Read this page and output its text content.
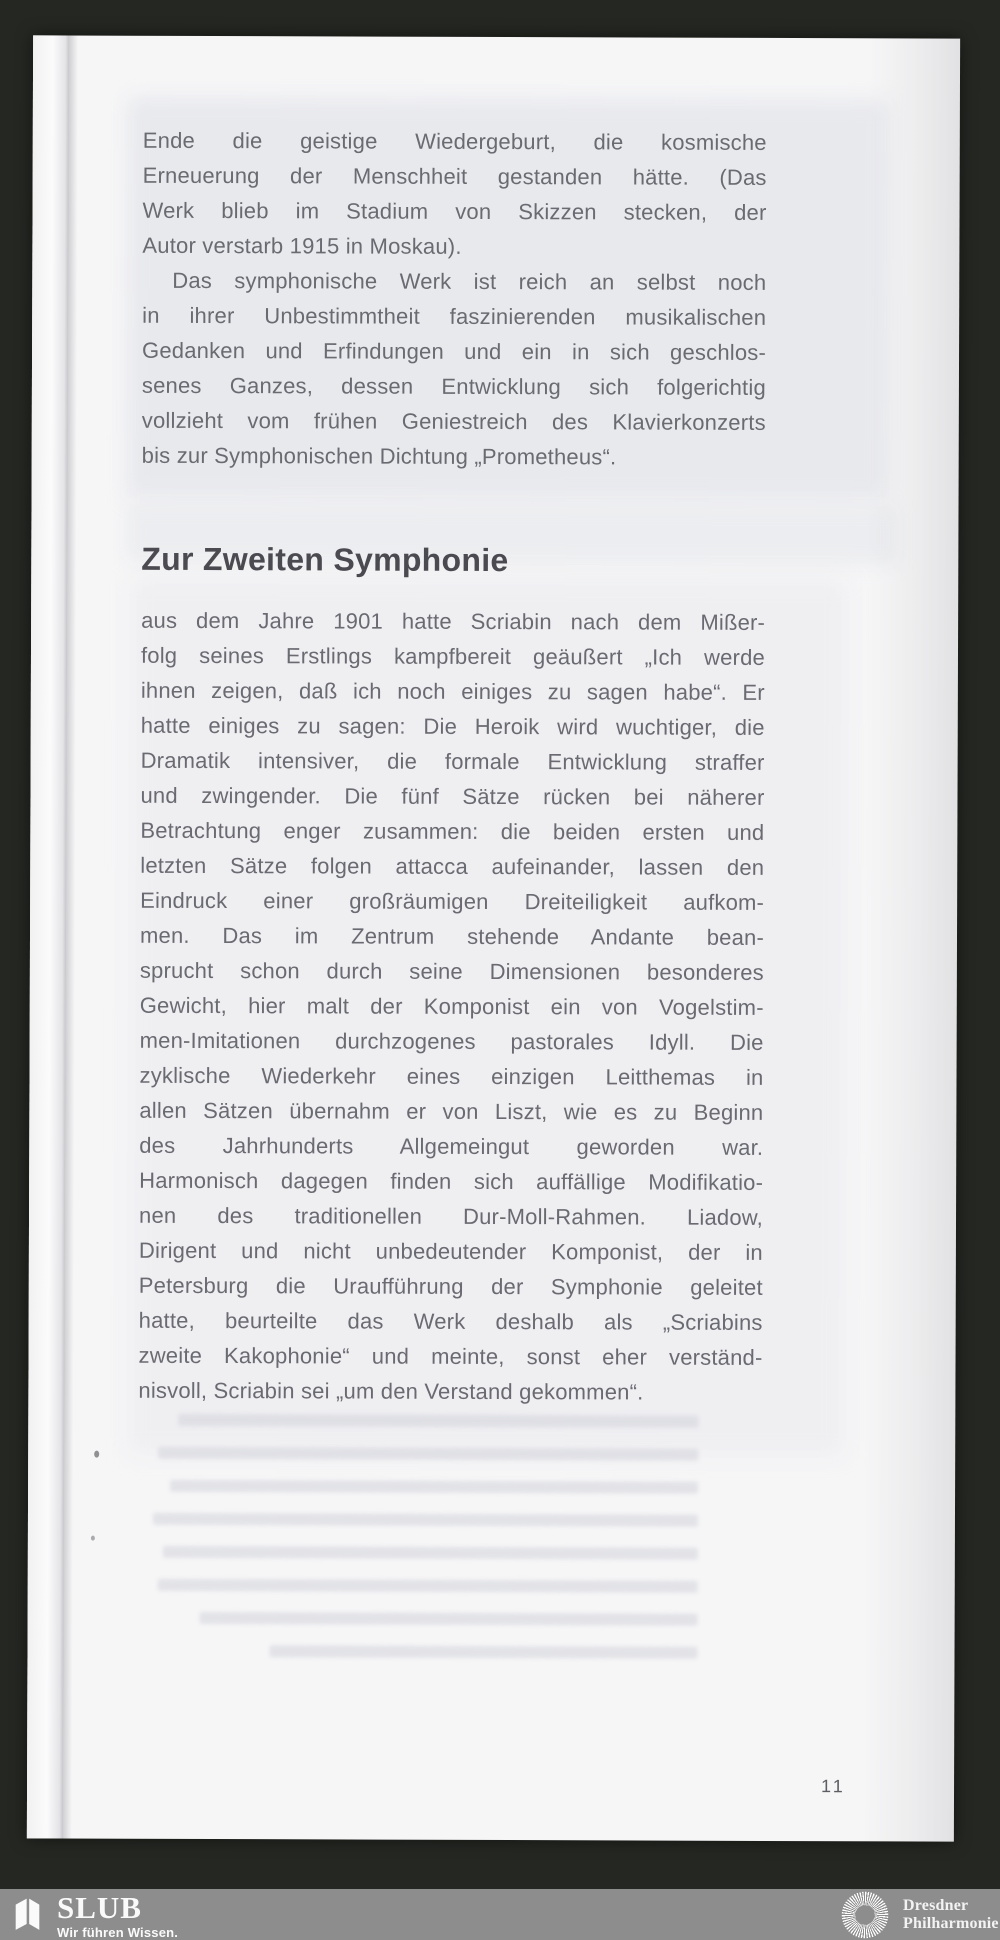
Ende die geistige Wiedergeburt, die kosmische
Erneuerung der Menschheit gestanden hätte. (Das
Werk blieb im Stadium von Skizzen stecken, der
Autor verstarb 1915 in Moskau).
Das symphonische Werk ist reich an selbst noch
in ihrer Unbestimmtheit faszinierenden musikalischen
Gedanken und Erfindungen und ein in sich geschlos-
senes Ganzes, dessen Entwicklung sich folgerichtig
vollzieht vom frühen Geniestreich des Klavierkonzerts
bis zur Symphonischen Dichtung „Prometheus“.
Zur Zweiten Symphonie
aus dem Jahre 1901 hatte Scriabin nach dem Mißer-
folg seines Erstlings kampfbereit geäußert „Ich werde
ihnen zeigen, daß ich noch einiges zu sagen habe“. Er
hatte einiges zu sagen: Die Heroik wird wuchtiger, die
Dramatik intensiver, die formale Entwicklung straffer
und zwingender. Die fünf Sätze rücken bei näherer
Betrachtung enger zusammen: die beiden ersten und
letzten Sätze folgen attacca aufeinander, lassen den
Eindruck einer großräumigen Dreiteiligkeit aufkom-
men. Das im Zentrum stehende Andante bean-
sprucht schon durch seine Dimensionen besonderes
Gewicht, hier malt der Komponist ein von Vogelstim-
men-Imitationen durchzogenes pastorales Idyll. Die
zyklische Wiederkehr eines einzigen Leitthemas in
allen Sätzen übernahm er von Liszt, wie es zu Beginn
des Jahrhunderts Allgemeingut geworden war.
Harmonisch dagegen finden sich auffällige Modifikatio-
nen des traditionellen Dur-Moll-Rahmen. Liadow,
Dirigent und nicht unbedeutender Komponist, der in
Petersburg die Uraufführung der Symphonie geleitet
hatte, beurteilte das Werk deshalb als „Scriabins
zweite Kakophonie“ und meinte, sonst eher verständ-
nisvoll, Scriabin sei „um den Verstand gekommen“.
11
SLUB
Wir führen Wissen.
Dresdner
Philharmonie
